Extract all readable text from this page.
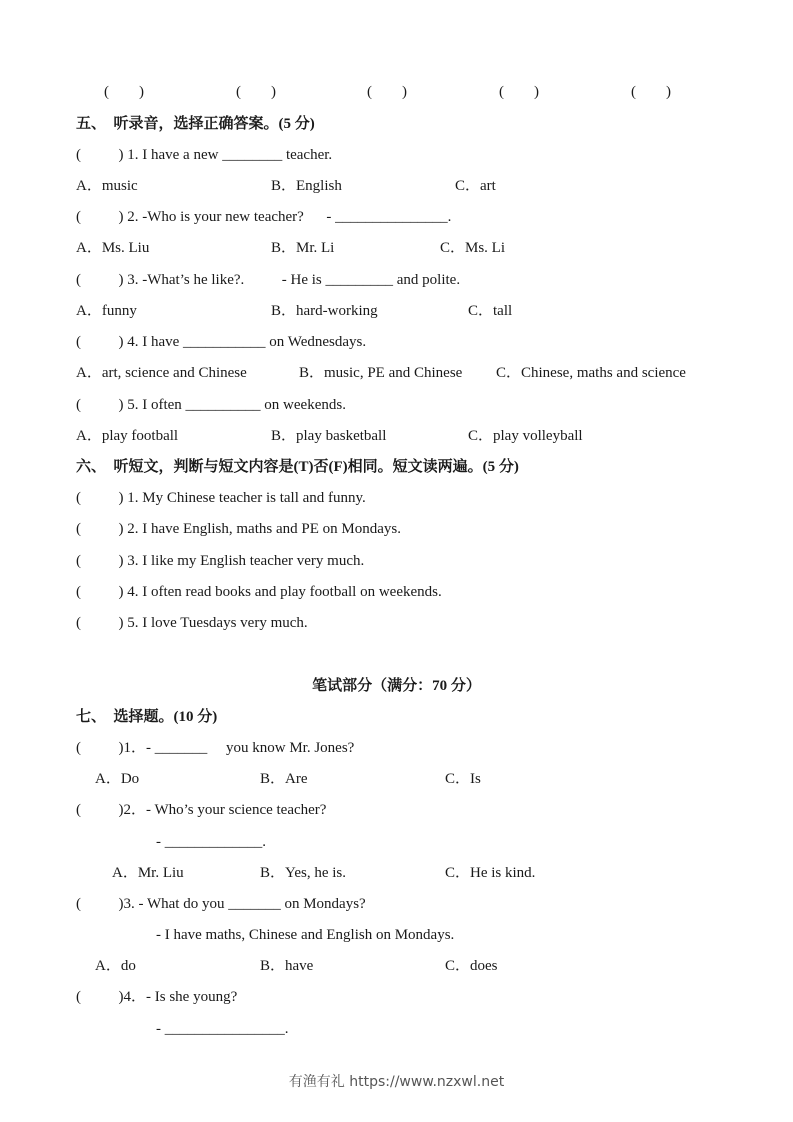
(        )	(        )	(        )	(        )	(        )
五、  听录音，选择正确答案。(5 分)
(          ) 1. I have a new ________ teacher.
A．music	B．English	C．art
(          ) 2. -Who is your new teacher?      - _______________.
A．Ms. Liu	B．Mr. Li	C．Ms. Li
(          ) 3. -What’s he like?.          - He is _________ and polite.
A．funny	B．hard-working	C．tall
(          ) 4. I have ___________ on Wednesdays.
A．art, science and Chinese	B．music, PE and Chinese C．Chinese, maths and science
(          ) 5. I often __________ on weekends.
A．play football	B．play basketball	C．play volleyball
六、  听短文，判断与短文内容是(T)否(F)相同。短文读两遍。(5 分)
(          ) 1. My Chinese teacher is tall and funny.
(          ) 2. I have English, maths and PE on Mondays.
(          ) 3. I like my English teacher very much.
(          ) 4. I often read books and play football on weekends.
(          ) 5. I love Tuesdays very much.
笔试部分（满分：70 分）
七、  选择题。(10 分)
(          )1．- _______     you know Mr. Jones?
A．Do	B．Are	C．Is
(          )2．- Who’s your science teacher?
- _____________.
A．Mr. Liu	B．Yes, he is.	C．He is kind.
(          )3. - What do you _______ on Mondays?
- I have maths, Chinese and English on Mondays.
A．do	B．have	C．does
(          )4．- Is she young?
- ________________.
有渔有礼 https://www.nzxwl.net
